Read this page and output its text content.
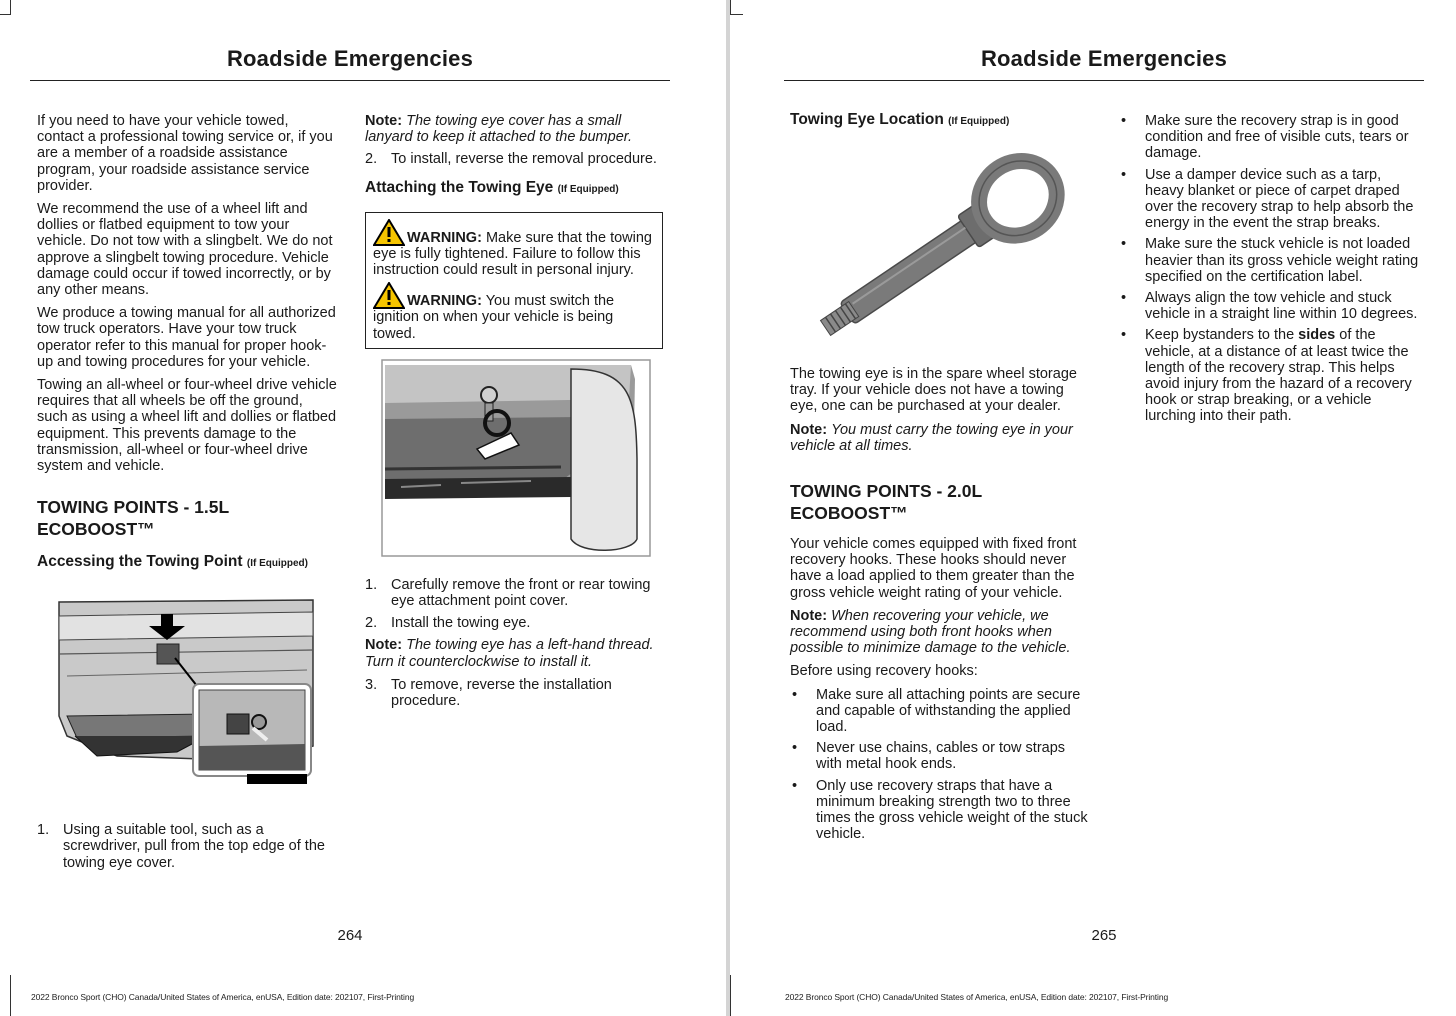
Roadside Emergencies

If you need to have your vehicle towed, contact a professional towing service or, if you are a member of a roadside assistance program, your roadside assistance service provider.

We recommend the use of a wheel lift and dollies or flatbed equipment to tow your vehicle. Do not tow with a slingbelt. We do not approve a slingbelt towing procedure. Vehicle damage could occur if towed incorrectly, or by any other means.

We produce a towing manual for all authorized tow truck operators. Have your tow truck operator refer to this manual for proper hook-up and towing procedures for your vehicle.

Towing an all-wheel or four-wheel drive vehicle requires that all wheels be off the ground, such as using a wheel lift and dollies or flatbed equipment. This prevents damage to the transmission, all-wheel or four-wheel drive system and vehicle.

TOWING POINTS - 1.5L ECOBOOST™
Accessing the Towing Point (If Equipped)
1. Using a suitable tool, such as a screwdriver, pull from the top edge of the towing eye cover.

Note: The towing eye cover has a small lanyard to keep it attached to the bumper.

2. To install, reverse the removal procedure.
Attaching the Towing Eye (If Equipped)

WARNING: Make sure that the towing eye is fully tightened. Failure to follow this instruction could result in personal injury.

WARNING: You must switch the ignition on when your vehicle is being towed.

1. Carefully remove the front or rear towing eye attachment point cover.
2. Install the towing eye.

Note: The towing eye has a left-hand thread. Turn it counterclockwise to install it.

3. To remove, reverse the installation procedure.
264
2022 Bronco Sport (CHO) Canada/United States of America, enUSA, Edition date: 202107, First-Printing
Roadside Emergencies
Towing Eye Location (If Equipped)

The towing eye is in the spare wheel storage tray. If your vehicle does not have a towing eye, one can be purchased at your dealer.

Note: You must carry the towing eye in your vehicle at all times.

TOWING POINTS - 2.0L ECOBOOST™

Your vehicle comes equipped with fixed front recovery hooks. These hooks should never have a load applied to them greater than the gross vehicle weight rating of your vehicle.

Note: When recovering your vehicle, we recommend using both front hooks when possible to minimize damage to the vehicle.

Before using recovery hooks:

• Make sure all attaching points are secure and capable of withstanding the applied load.
• Never use chains, cables or tow straps with metal hook ends.
• Only use recovery straps that have a minimum breaking strength two to three times the gross vehicle weight of the stuck vehicle.
• Make sure the recovery strap is in good condition and free of visible cuts, tears or damage.
• Use a damper device such as a tarp, heavy blanket or piece of carpet draped over the recovery strap to help absorb the energy in the event the strap breaks.
• Make sure the stuck vehicle is not loaded heavier than its gross vehicle weight rating specified on the certification label.
• Always align the tow vehicle and stuck vehicle in a straight line within 10 degrees.
• Keep bystanders to the sides of the vehicle, at a distance of at least twice the length of the recovery strap. This helps avoid injury from the hazard of a recovery hook or strap breaking, or a vehicle lurching into their path.
265
2022 Bronco Sport (CHO) Canada/United States of America, enUSA, Edition date: 202107, First-Printing
